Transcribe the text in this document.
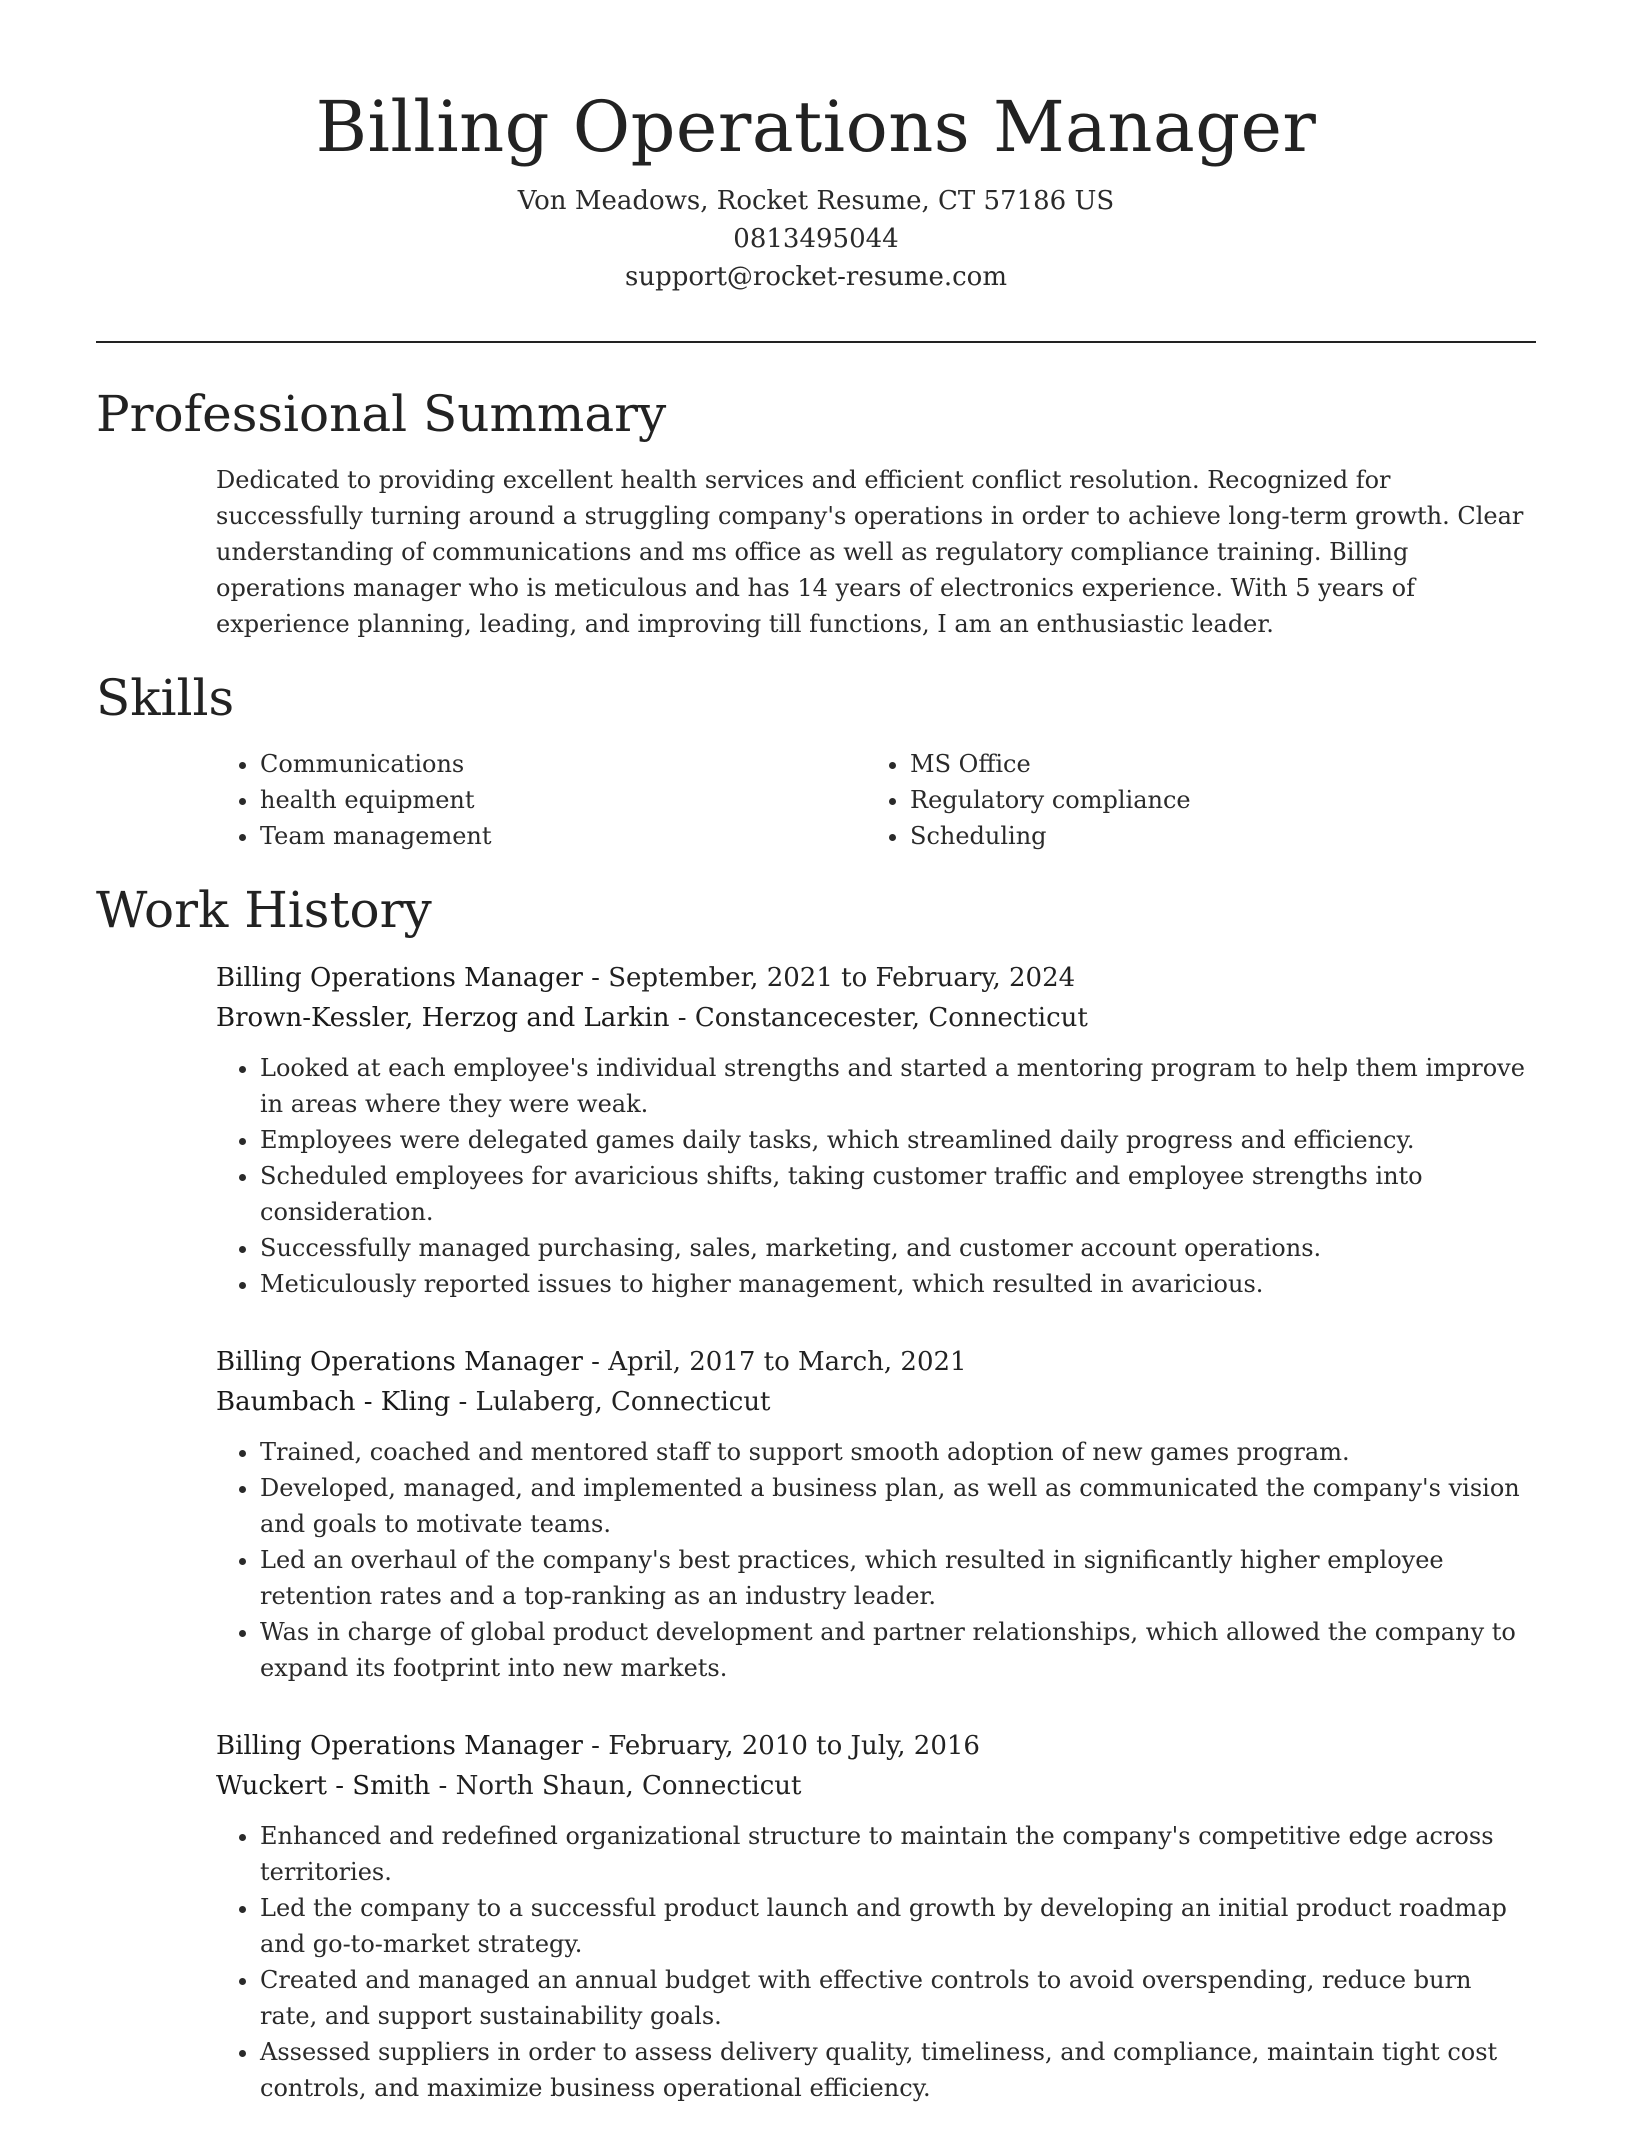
Billing Operations Manager

Von Meadows, Rocket Resume, CT 57186 US

0813495044

support@rocket-resume.com

Professional Summary

Dedicated to providing excellent health services and efficient conflict resolution. Recognized for successfully turning around a struggling company's operations in order to achieve long-term growth. Clear understanding of communications and ms office as well as regulatory compliance training. Billing operations manager who is meticulous and has 14 years of electronics experience. With 5 years of experience planning, leading, and improving till functions, I am an enthusiastic leader.

Skills
• Communications
• health equipment
• Team management
• MS Office
• Regulatory compliance
• Scheduling
Work History

Billing Operations Manager - September, 2021 to February, 2024

Brown-Kessler, Herzog and Larkin - Constancecester, Connecticut

• Looked at each employee's individual strengths and started a mentoring program to help them improve in areas where they were weak.
• Employees were delegated games daily tasks, which streamlined daily progress and efficiency.
• Scheduled employees for avaricious shifts, taking customer traffic and employee strengths into consideration.
• Successfully managed purchasing, sales, marketing, and customer account operations.
• Meticulously reported issues to higher management, which resulted in avaricious.

Billing Operations Manager - April, 2017 to March, 2021

Baumbach - Kling - Lulaberg, Connecticut

• Trained, coached and mentored staff to support smooth adoption of new games program.
• Developed, managed, and implemented a business plan, as well as communicated the company's vision and goals to motivate teams.
• Led an overhaul of the company's best practices, which resulted in significantly higher employee retention rates and a top-ranking as an industry leader.
• Was in charge of global product development and partner relationships, which allowed the company to expand its footprint into new markets.

Billing Operations Manager - February, 2010 to July, 2016

Wuckert - Smith - North Shaun, Connecticut

• Enhanced and redefined organizational structure to maintain the company's competitive edge across territories.
• Led the company to a successful product launch and growth by developing an initial product roadmap and go-to-market strategy.
• Created and managed an annual budget with effective controls to avoid overspending, reduce burn rate, and support sustainability goals.
• Assessed suppliers in order to assess delivery quality, timeliness, and compliance, maintain tight cost controls, and maximize business operational efficiency.
